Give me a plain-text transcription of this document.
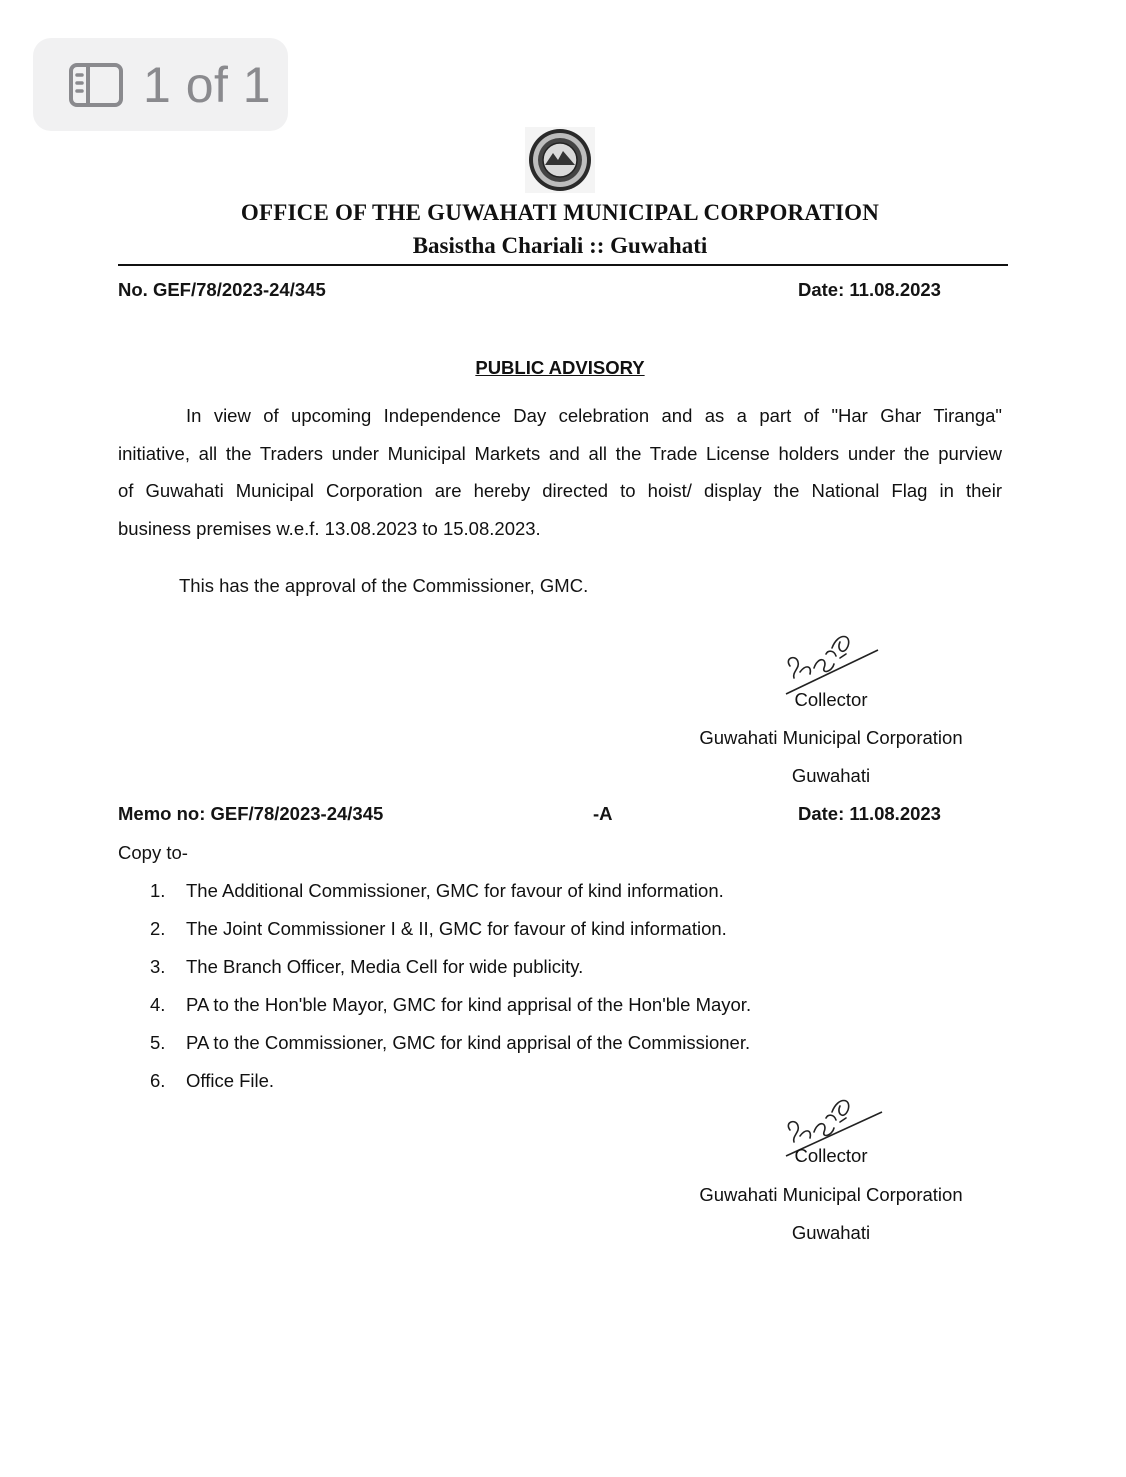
1 of 1
OFFICE OF THE GUWAHATI MUNICIPAL CORPORATION
Basistha Chariali :: Guwahati
No. GEF/78/2023-24/345	Date: 11.08.2023
PUBLIC ADVISORY
In view of upcoming Independence Day celebration and as a part of "Har Ghar Tiranga"
initiative, all the Traders under Municipal Markets and all the Trade License holders under the purview
of Guwahati Municipal Corporation are hereby directed to hoist/ display the National Flag in their
business premises w.e.f. 13.08.2023 to 15.08.2023.
This has the approval of the Commissioner, GMC.
Collector
Guwahati Municipal Corporation
Guwahati
Memo no: GEF/78/2023-24/345	-A	Date: 11.08.2023
Copy to-
1. The Additional Commissioner, GMC for favour of kind information.
2. The Joint Commissioner I & II, GMC for favour of kind information.
3. The Branch Officer, Media Cell for wide publicity.
4. PA to the Hon'ble Mayor, GMC for kind apprisal of the Hon'ble Mayor.
5. PA to the Commissioner, GMC for kind apprisal of the Commissioner.
6. Office File.
Collector
Guwahati Municipal Corporation
Guwahati
